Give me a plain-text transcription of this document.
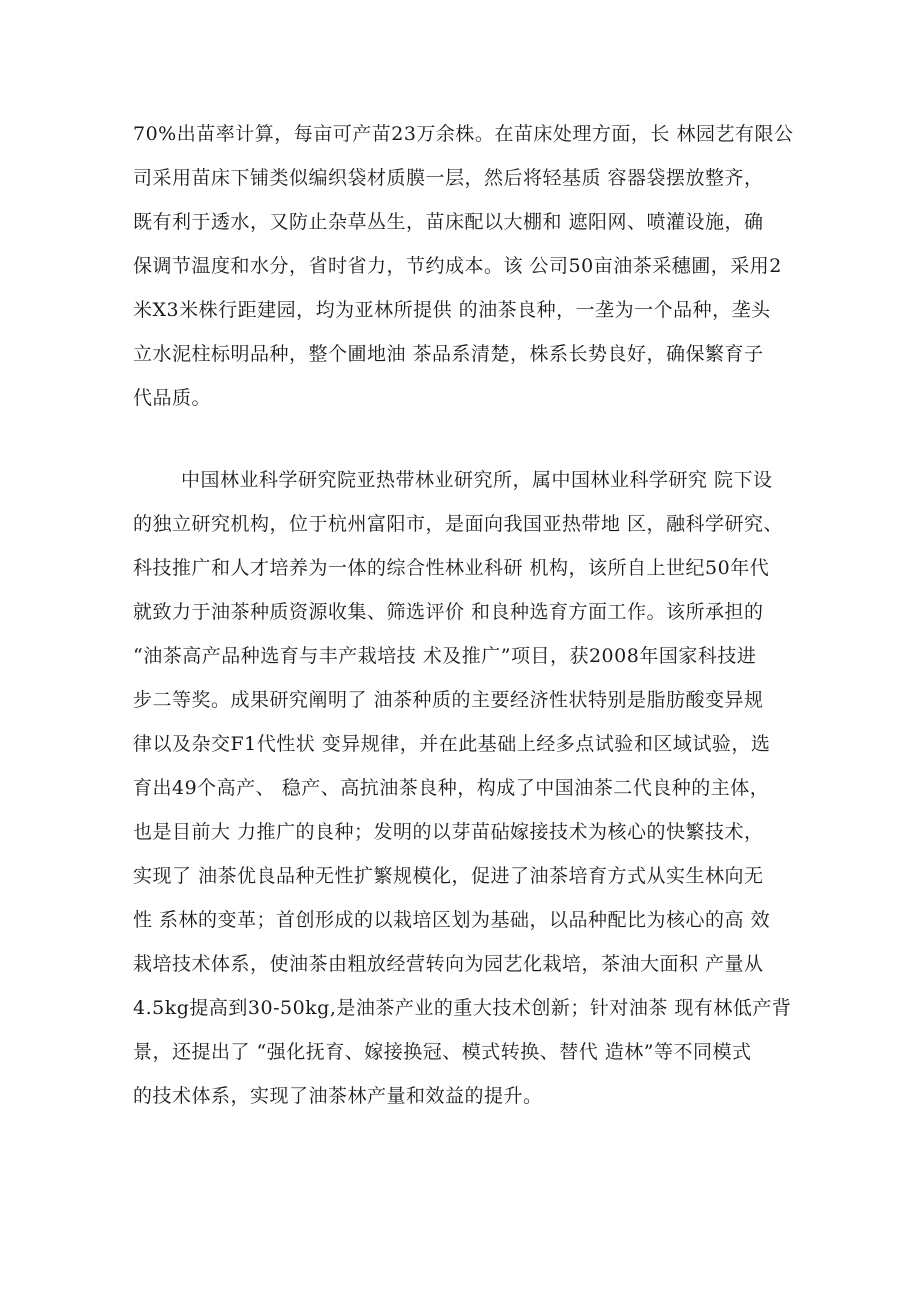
70%出苗率计算，每亩可产苗23万余株。在苗床处理方面，长 林园艺有限公
司采用苗床下铺类似编织袋材质膜一层，然后将轻基质 容器袋摆放整齐，
既有利于透水，又防止杂草丛生，苗床配以大棚和 遮阳网、喷灌设施，确
保调节温度和水分，省时省力，节约成本。该 公司50亩油茶采穗圃，采用2
米X3米株行距建园，均为亚林所提供 的油茶良种，一垄为一个品种，垄头
立水泥柱标明品种，整个圃地油 茶品系清楚，株系长势良好，确保繁育子
代品质。
中国林业科学研究院亚热带林业研究所，属中国林业科学研究 院下设
的独立研究机构，位于杭州富阳市，是面向我国亚热带地 区，融科学研究、
科技推广和人才培养为一体的综合性林业科研 机构，该所自上世纪50年代
就致力于油茶种质资源收集、筛选评价 和良种选育方面工作。该所承担的
“油茶高产品种选育与丰产栽培技 术及推广”项目，获2008年国家科技进
步二等奖。成果研究阐明了 油茶种质的主要经济性状特别是脂肪酸变异规
律以及杂交F1代性状 变异规律，并在此基础上经多点试验和区域试验，选
育出49个高产、 稳产、高抗油茶良种，构成了中国油茶二代良种的主体，
也是目前大 力推广的良种；发明的以芽苗砧嫁接技术为核心的快繁技术，
实现了 油茶优良品种无性扩繁规模化，促进了油茶培育方式从实生林向无
性 系林的变革；首创形成的以栽培区划为基础，以品种配比为核心的高 效
栽培技术体系，使油茶由粗放经营转向为园艺化栽培，茶油大面积 产量从
4.5kg提高到30-50kg,是油茶产业的重大技术创新；针对油茶 现有林低产背
景，还提出了 “强化抚育、嫁接换冠、模式转换、替代 造林”等不同模式
的技术体系，实现了油茶林产量和效益的提升。
